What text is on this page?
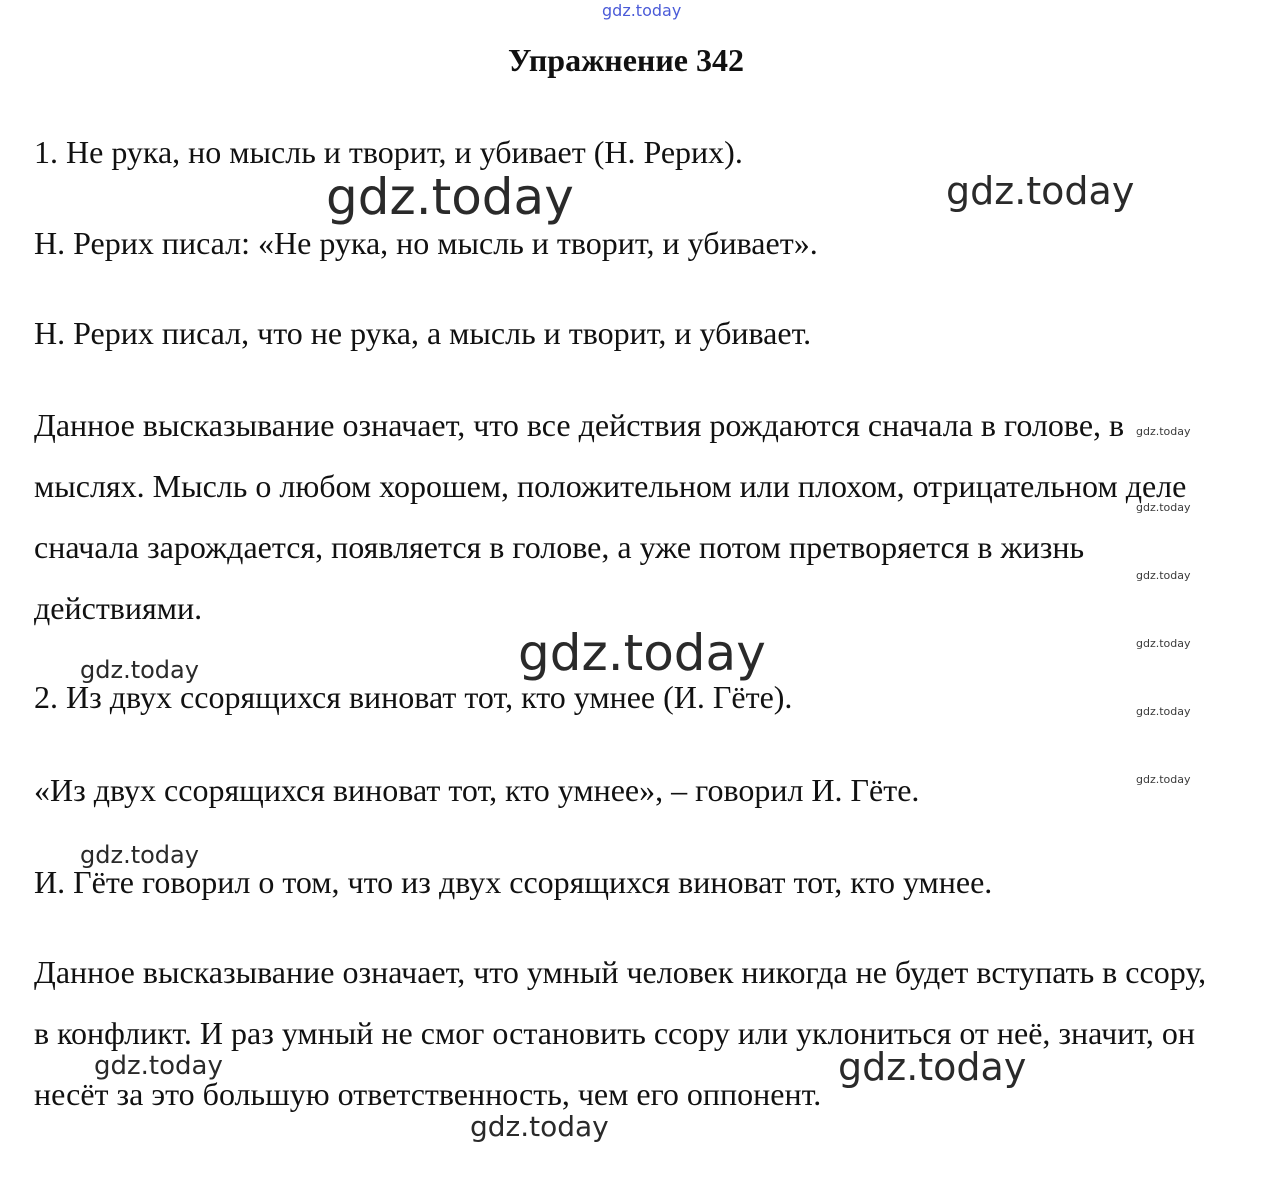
gdz.today
Упражнение 342

1. Не рука, но мысль и творит, и убивает (Н. Рерих).

Н. Рерих писал: «Не рука, но мысль и творит, и убивает».

Н. Рерих писал, что не рука, а мысль и творит, и убивает.

Данное высказывание означает, что все действия рождаются сначала в голове, в мыслях. Мысль о любом хорошем, положительном или плохом, отрицательном деле сначала зарождается, появляется в голове, а уже потом претворяется в жизнь действиями.

2. Из двух ссорящихся виноват тот, кто умнее (И. Гёте).

«Из двух ссорящихся виноват тот, кто умнее», – говорил И. Гёте.

И. Гёте говорил о том, что из двух ссорящихся виноват тот, кто умнее.

Данное высказывание означает, что умный человек никогда не будет вступать в ссору, в конфликт. И раз умный не смог остановить ссору или уклониться от неё, значит, он несёт за это большую ответственность, чем его оппонент.

gdz.today	gdz.today
gdz.today
gdz.today
gdz.today
gdz.today	gdz.today
gdz.today
gdz.today
gdz.today
gdz.today
gdz.today
gdz.today
gdz.today
